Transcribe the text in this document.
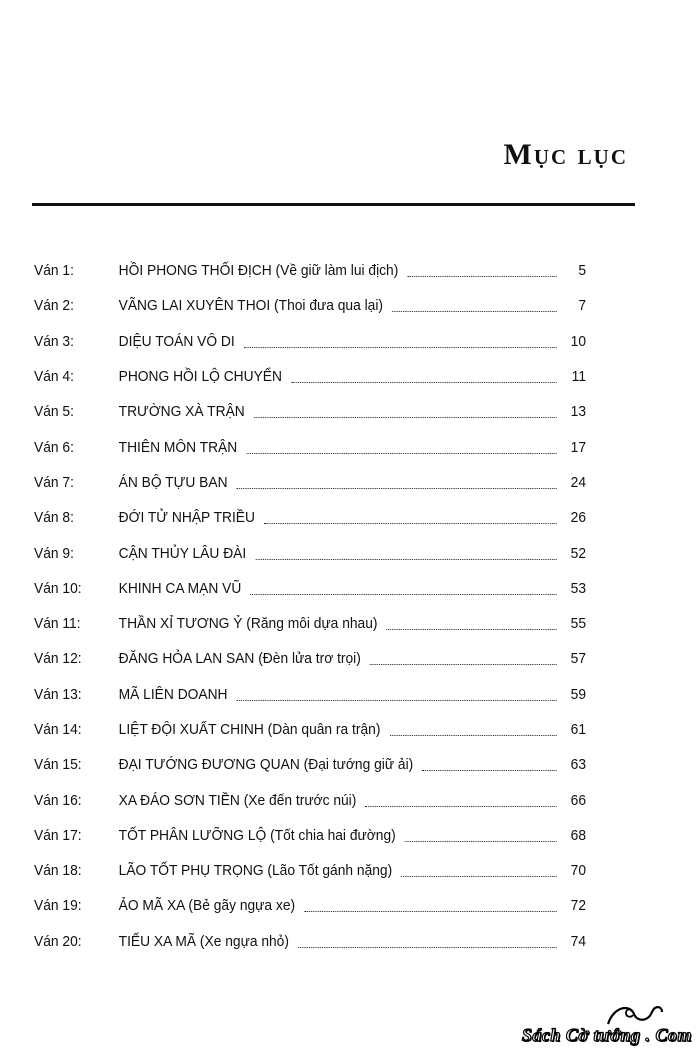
Mục lục
Ván 1:	HỒI PHONG THỐI ĐỊCH (Về giữ làm lui địch)	5
Ván 2:	VÃNG LAI XUYÊN THOI (Thoi đưa qua lại)	7
Ván 3:	DIỆU TOÁN VÔ DI	10
Ván 4:	PHONG HỒI LỘ CHUYỂN	11
Ván 5:	TRƯỜNG XÀ TRẬN	13
Ván 6:	THIÊN MÔN TRẬN	17
Ván 7:	ÁN BỘ TỰU BAN	24
Ván 8:	ĐỚI TỬ NHẬP TRIỀU	26
Ván 9:	CẬN THỦY LÂU ĐÀI	52
Ván 10:	KHINH CA MẠN VŨ	53
Ván 11:	THẦN XỈ TƯƠNG Ỷ (Răng môi dựa nhau)	55
Ván 12:	ĐĂNG HỎA LAN SAN (Đèn lửa trơ trọi)	57
Ván 13:	MÃ LIÊN DOANH	59
Ván 14:	LIỆT ĐỘI XUẤT CHINH (Dàn quân ra trận)	61
Ván 15:	ĐẠI TƯỚNG ĐƯƠNG QUAN (Đại tướng giữ ải)	63
Ván 16:	XA ĐÁO SƠN TIỀN (Xe đến trước núi)	66
Ván 17:	TỐT PHÂN LƯỠNG LỘ (Tốt chia hai đường)	68
Ván 18:	LÃO TỐT PHỤ TRỌNG (Lão Tốt gánh nặng)	70
Ván 19:	ẢO MÃ XA (Bẻ gãy ngựa xe)	72
Ván 20:	TIỂU XA MÃ (Xe ngựa nhỏ)	74
Sách Cờ tướng . Com
